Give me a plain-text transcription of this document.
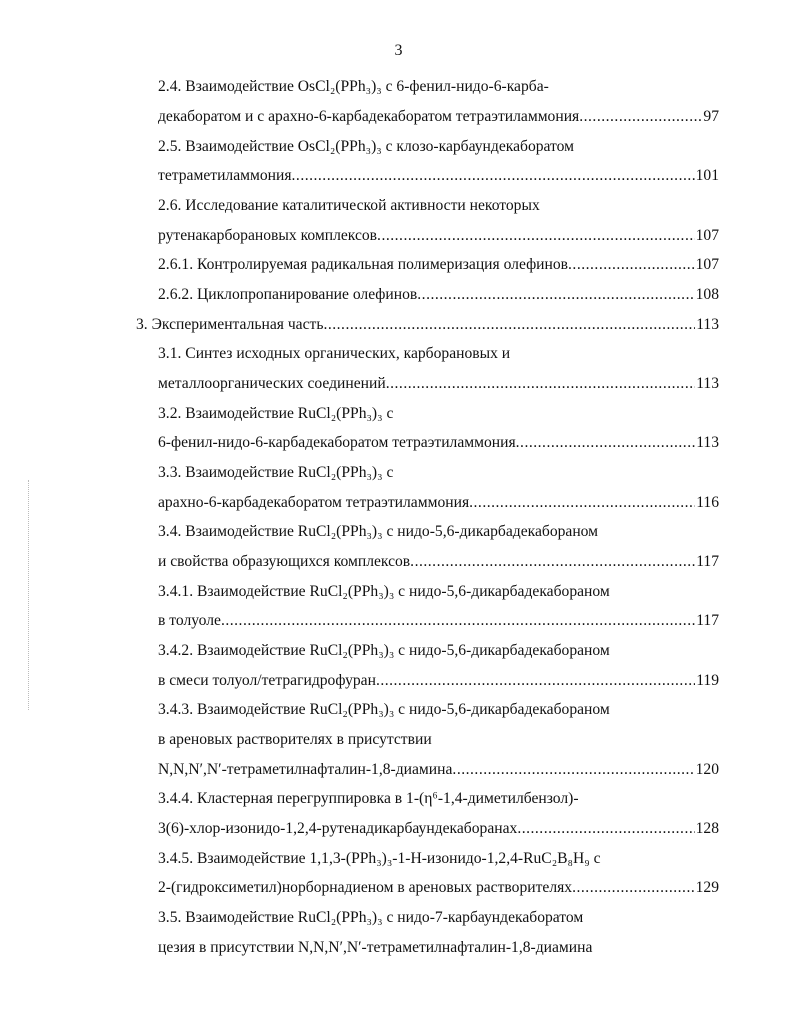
3
2.4. Взаимодействие OsCl₂(PPh₃)₃ с 6-фенил-нидо-6-карба-
декаборатом и с арахно-6-карбадекаборатом тетраэтиламмония .....	97
2.5. Взаимодействие OsCl₂(PPh₃)₃ с клозо-карбаундекаборатом
тетраметиламмония .....	101
2.6. Исследование каталитической активности некоторых
рутенакарборановых комплексов .....	107
2.6.1. Контролируемая радикальная полимеризация олефинов .....	107
2.6.2. Циклопропанирование олефинов .....	108
3. Экспериментальная часть .....	113
3.1. Синтез исходных органических, карборановых и
металлоорганических соединений .....	113
3.2. Взаимодействие RuCl₂(PPh₃)₃ с
6-фенил-нидо-6-карбадекаборатом тетраэтиламмония .....	113
3.3. Взаимодействие RuCl₂(PPh₃)₃ с
арахно-6-карбадекаборатом тетраэтиламмония .....	116
3.4. Взаимодействие RuCl₂(PPh₃)₃ с нидо-5,6-дикарбадекабораном
и свойства образующихся комплексов .....	117
3.4.1. Взаимодействие RuCl₂(PPh₃)₃ с нидо-5,6-дикарбадекабораном
в толуоле .....	117
3.4.2. Взаимодействие RuCl₂(PPh₃)₃ с нидо-5,6-дикарбадекабораном
в смеси толуол/тетрагидрофуран .....	119
3.4.3. Взаимодействие RuCl₂(PPh₃)₃ с нидо-5,6-дикарбадекабораном
в ареновых растворителях в присутствии
N,N,N′,N′-тетраметилнафталин-1,8-диамина .....	120
3.4.4. Кластерная перегруппировка в 1-(η⁶-1,4-диметилбензол)-
3(6)-хлор-изонидо-1,2,4-рутенадикарбаундекаборанах .....	128
3.4.5. Взаимодействие 1,1,3-(PPh₃)₃-1-H-изонидо-1,2,4-RuC₂B₈H₉ с
2-(гидроксиметил)норборнадиеном в ареновых растворителях .....	129
3.5. Взаимодействие RuCl₂(PPh₃)₃ с нидо-7-карбаундекаборатом
цезия в присутствии N,N,N′,N′-тетраметилнафталин-1,8-диамина
